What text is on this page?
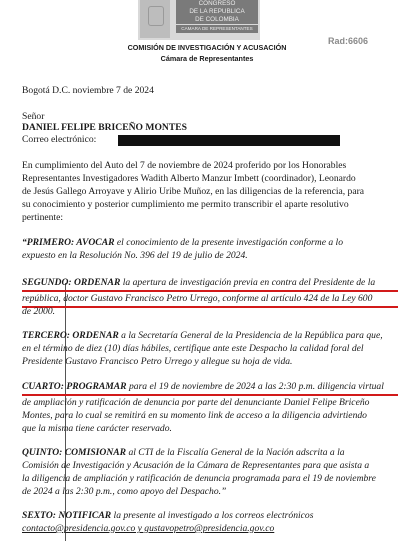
CONGRESO
DE LA REPUBLICA
DE COLOMBIA
CAMARA DE REPRESENTANTES
COMISIÓN DE INVESTIGACIÓN Y ACUSACIÓN
Cámara de Representantes
Rad:6606
Bogotá D.C. noviembre 7 de 2024
Señor
DANIEL FELIPE BRICEÑO MONTES
Correo electrónico:
En cumplimiento del Auto del 7 de noviembre de 2024 proferido por los Honorables
Representantes Investigadores Wadith Alberto Manzur Imbett (coordinador), Leonardo
de Jesús Gallego Arroyave y Alirio Uribe Muñoz, en las diligencias de la referencia, para
su conocimiento y posterior cumplimiento me permito transcribir el aparte resolutivo
pertinente:
“PRIMERO: AVOCAR el conocimiento de la presente investigación conforme a lo
expuesto en la Resolución No. 396 del 19 de julio de 2024.
SEGUNDO: ORDENAR la apertura de investigación previa en contra del Presidente de la
república, doctor Gustavo Francisco Petro Urrego, conforme al artículo 424 de la Ley 600
de 2000.
TERCERO: ORDENAR a la Secretaría General de la Presidencia de la República para que,
en el término de diez (10) días hábiles, certifique ante este Despacho la calidad foral del
Presidente Gustavo Francisco Petro Urrego y allegue su hoja de vida.
CUARTO: PROGRAMAR para el 19 de noviembre de 2024 a las 2:30 p.m. diligencia virtual
de ampliación y ratificación de denuncia por parte del denunciante Daniel Felipe Briceño
Montes, para lo cual se remitirá en su momento link de acceso a la diligencia advirtiendo
que la misma tiene carácter reservado.
QUINTO: COMISIONAR al CTI de la Fiscalía General de la Nación adscrita a la
Comisión de Investigación y Acusación de la Cámara de Representantes para que asista a
la diligencia de ampliación y ratificación de denuncia programada para el 19 de noviembre
de 2024 a las 2:30 p.m., como apoyo del Despacho.”
SEXTO: NOTIFICAR la presente al investigado a los correos electrónicos
contacto@presidencia.gov.co y gustavopetro@presidencia.gov.co
